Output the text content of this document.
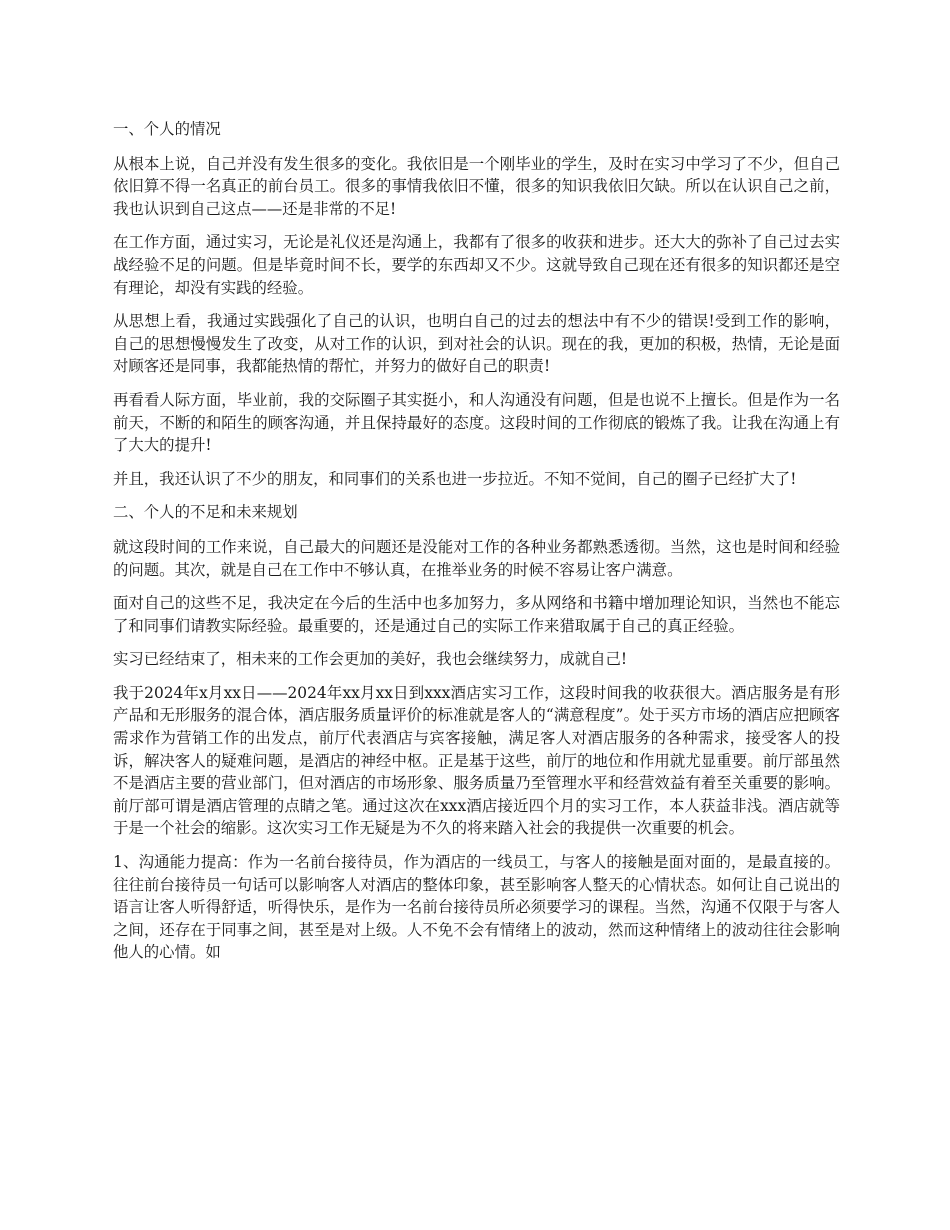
一、个人的情况

从根本上说，自己并没有发生很多的变化。我依旧是一个刚毕业的学生，及时在实习中学习了不少，但自己依旧算不得一名真正的前台员工。很多的事情我依旧不懂，很多的知识我依旧欠缺。所以在认识自己之前，我也认识到自己这点——还是非常的不足!

在工作方面，通过实习，无论是礼仪还是沟通上，我都有了很多的收获和进步。还大大的弥补了自己过去实战经验不足的问题。但是毕竟时间不长，要学的东西却又不少。这就导致自己现在还有很多的知识都还是空有理论，却没有实践的经验。

从思想上看，我通过实践强化了自己的认识，也明白自己的过去的想法中有不少的错误!受到工作的影响，自己的思想慢慢发生了改变，从对工作的认识，到对社会的认识。现在的我，更加的积极，热情，无论是面对顾客还是同事，我都能热情的帮忙，并努力的做好自己的职责!

再看看人际方面，毕业前，我的交际圈子其实挺小，和人沟通没有问题，但是也说不上擅长。但是作为一名前天，不断的和陌生的顾客沟通，并且保持最好的态度。这段时间的工作彻底的锻炼了我。让我在沟通上有了大大的提升!

并且，我还认识了不少的朋友，和同事们的关系也进一步拉近。不知不觉间，自己的圈子已经扩大了!

二、个人的不足和未来规划

就这段时间的工作来说，自己最大的问题还是没能对工作的各种业务都熟悉透彻。当然，这也是时间和经验的问题。其次，就是自己在工作中不够认真，在推举业务的时候不容易让客户满意。

面对自己的这些不足，我决定在今后的生活中也多加努力，多从网络和书籍中增加理论知识，当然也不能忘了和同事们请教实际经验。最重要的，还是通过自己的实际工作来猎取属于自己的真正经验。

实习已经结束了，相未来的工作会更加的美好，我也会继续努力，成就自己!

我于2024年x月xx日——2024年xx月xx日到xxx酒店实习工作，这段时间我的收获很大。酒店服务是有形产品和无形服务的混合体，酒店服务质量评价的标准就是客人的“满意程度”。处于买方市场的酒店应把顾客需求作为营销工作的出发点，前厅代表酒店与宾客接触，满足客人对酒店服务的各种需求，接受客人的投诉，解决客人的疑难问题，是酒店的神经中枢。正是基于这些，前厅的地位和作用就尤显重要。前厅部虽然不是酒店主要的营业部门，但对酒店的市场形象、服务质量乃至管理水平和经营效益有着至关重要的影响。前厅部可谓是酒店管理的点睛之笔。通过这次在xxx酒店接近四个月的实习工作，本人获益非浅。酒店就等于是一个社会的缩影。这次实习工作无疑是为不久的将来踏入社会的我提供一次重要的机会。

1、沟通能力提高：作为一名前台接待员，作为酒店的一线员工，与客人的接触是面对面的，是最直接的。往往前台接待员一句话可以影响客人对酒店的整体印象，甚至影响客人整天的心情状态。如何让自己说出的语言让客人听得舒适，听得快乐，是作为一名前台接待员所必须要学习的课程。当然，沟通不仅限于与客人之间，还存在于同事之间，甚至是对上级。人不免不会有情绪上的波动，然而这种情绪上的波动往往会影响他人的心情。如
